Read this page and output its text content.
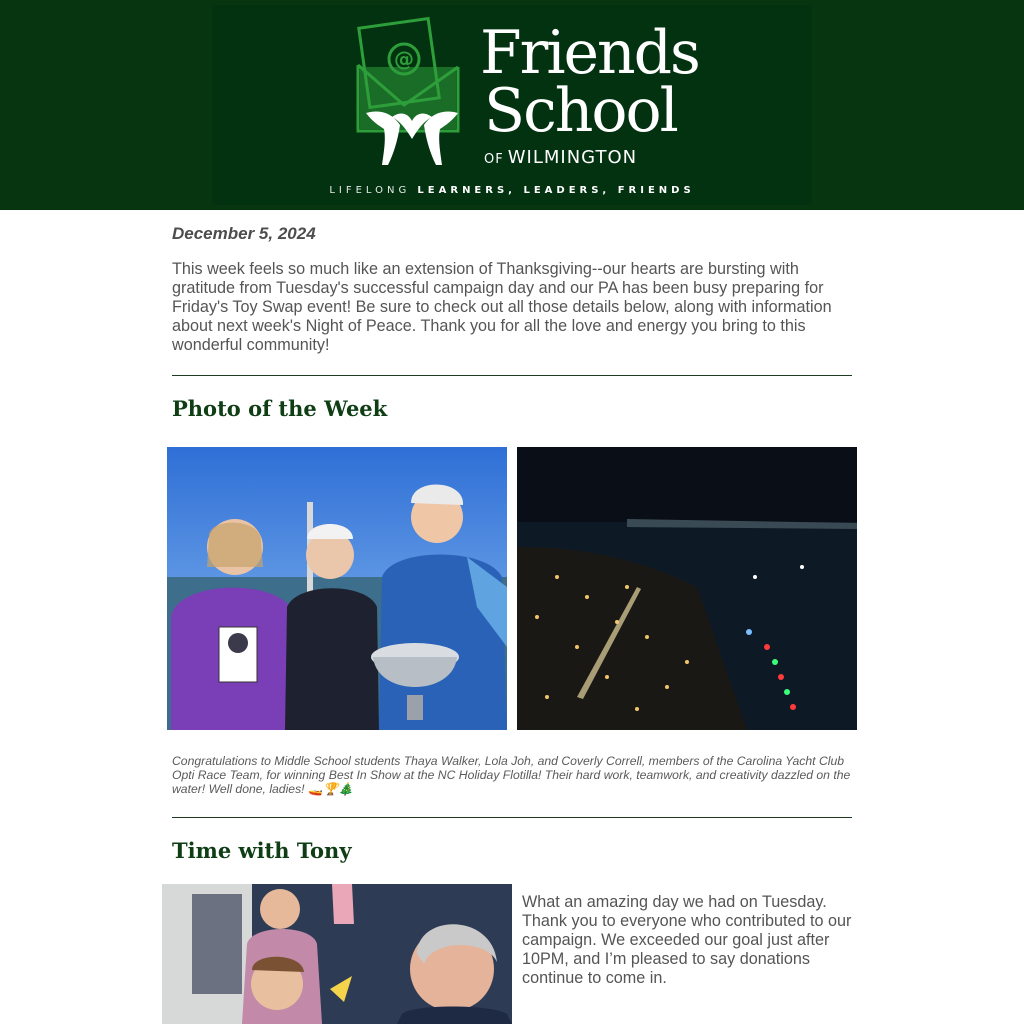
@ Friends
School
OF WILMINGTON
LIFELONG LEARNERS, LEADERS, FRIENDS
December 5, 2024
This week feels so much like an extension of Thanksgiving--our hearts are bursting with gratitude from Tuesday's successful campaign day and our PA has been busy preparing for Friday's Toy Swap event! Be sure to check out all those details below, along with information about next week's Night of Peace. Thank you for all the love and energy you bring to this wonderful community!
Photo of the Week
Congratulations to Middle School students Thaya Walker, Lola Joh, and Coverly Correll, members of the Carolina Yacht Club Opti Race Team, for winning Best In Show at the NC Holiday Flotilla! Their hard work, teamwork, and creativity dazzled on the water! Well done, ladies! 🚤🏆🎄
Time with Tony
What an amazing day we had on Tuesday. Thank you to everyone who contributed to our campaign. We exceeded our goal just after 10PM, and I’m pleased to say donations continue to come in.
